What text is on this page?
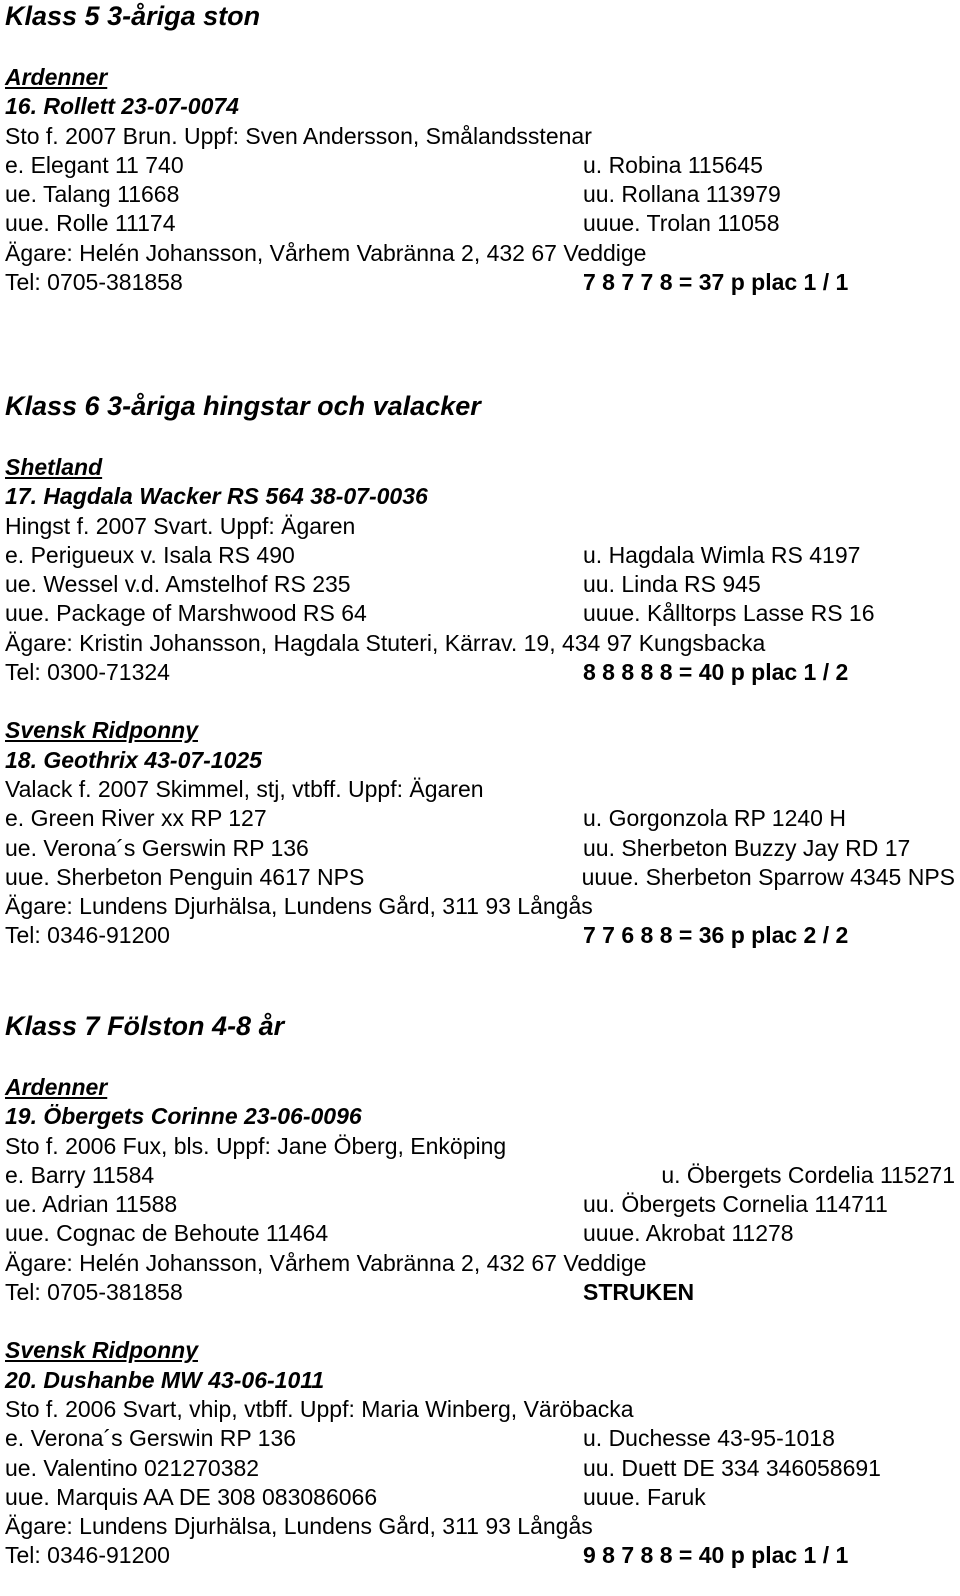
Klass 5 3-åriga ston

Ardenner

16. Rollett 23-07-0074

Sto f. 2007 Brun. Uppf: Sven Andersson, Smålandsstenar

e. Elegant 11 740	u. Robina 115645
ue. Talang 11668	uu. Rollana 113979
uue. Rolle 11174	uuue. Trolan 11058

Ägare: Helén Johansson, Vårhem Vabränna 2, 432 67 Veddige

Tel: 0705-381858	7 8 7 7 8 = 37 p plac 1 / 1

Klass 6 3-åriga hingstar och valacker

Shetland

17. Hagdala Wacker RS 564 38-07-0036

Hingst f. 2007 Svart. Uppf: Ägaren

e. Perigueux v. Isala RS 490	u. Hagdala Wimla RS 4197
ue. Wessel v.d. Amstelhof RS 235	uu. Linda RS 945
uue. Package of Marshwood RS 64	uuue. Kålltorps Lasse RS 16

Ägare: Kristin Johansson, Hagdala Stuteri, Kärrav. 19, 434 97 Kungsbacka

Tel: 0300-71324	8 8 8 8 8 = 40 p plac 1 / 2

Svensk Ridponny

18. Geothrix 43-07-1025

Valack f. 2007 Skimmel, stj, vtbff. Uppf: Ägaren

e. Green River xx RP 127	u. Gorgonzola RP 1240 H
ue. Verona´s Gerswin RP 136	uu. Sherbeton Buzzy Jay RD 17
uue. Sherbeton Penguin 4617 NPS	uuue. Sherbeton Sparrow 4345 NPS

Ägare: Lundens Djurhälsa, Lundens Gård, 311 93 Långås

Tel: 0346-91200	7 7 6 8 8 = 36 p plac 2 / 2

Klass 7 Fölston 4-8 år

Ardenner

19. Öbergets Corinne 23-06-0096

Sto f. 2006 Fux, bls. Uppf: Jane Öberg, Enköping

e. Barry 11584	u. Öbergets Cordelia 115271
ue. Adrian 11588	uu. Öbergets Cornelia 114711
uue. Cognac de Behoute 11464	uuue. Akrobat 11278

Ägare: Helén Johansson, Vårhem Vabränna 2, 432 67 Veddige

Tel: 0705-381858	STRUKEN

Svensk Ridponny

20. Dushanbe MW 43-06-1011

Sto f. 2006 Svart, vhip, vtbff. Uppf: Maria Winberg, Väröbacka

e. Verona´s Gerswin RP 136	u. Duchesse 43-95-1018
ue. Valentino 021270382	uu. Duett DE 334 346058691
uue. Marquis AA DE 308 083086066	uuue. Faruk

Ägare: Lundens Djurhälsa, Lundens Gård, 311 93 Långås

Tel: 0346-91200	9 8 7 8 8 = 40 p plac 1 / 1
